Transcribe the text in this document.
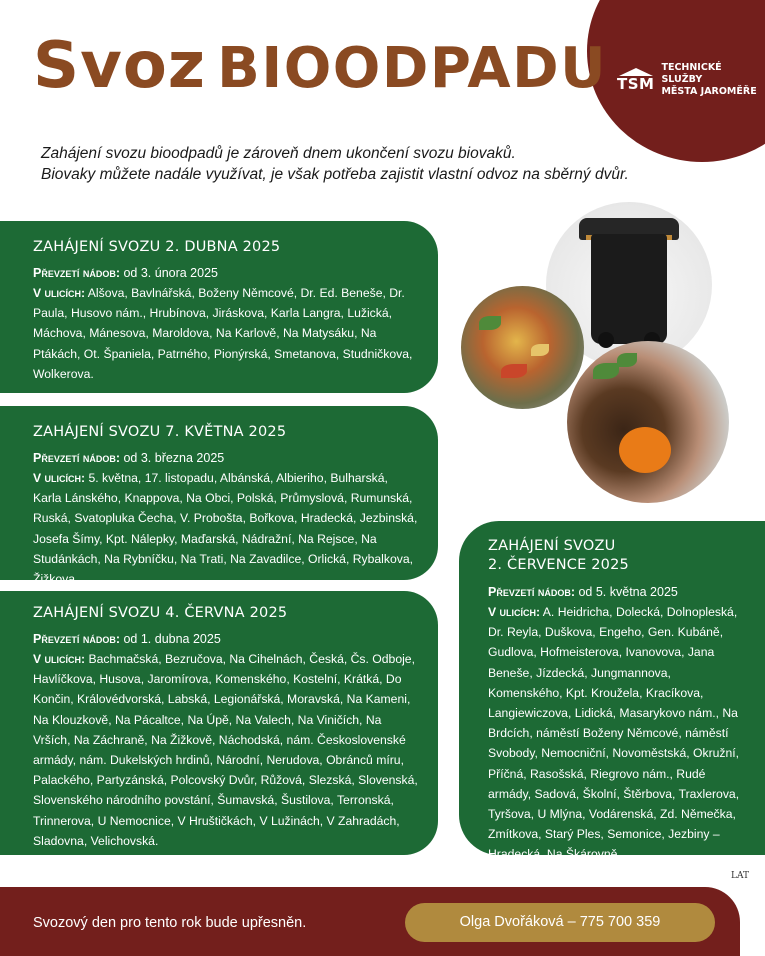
TSM
TECHNICKÉ SLUŽBY
MĚSTA JAROMĚŘE
Svoz BIOODPADU
Zahájení svozu bioodpadů je zároveň dnem ukončení svozu biovaků.
Biovaky můžete nadále využívat, je však potřeba zajistit vlastní odvoz na sběrný dvůr.
ZAHÁJENÍ SVOZU 2. DUBNA 2025
Převzetí nádob: od 3. února 2025
V ulicích: Alšova, Bavlnářská, Boženy Němcové, Dr. Ed. Beneše, Dr. Paula, Husovo nám., Hrubínova, Jiráskova, Karla Langra, Lužická, Máchova, Mánesova, Maroldova, Na Karlově, Na Matysáku, Na Ptákách, Ot. Španiela, Patrného, Pionýrská, Smetanova, Studničkova, Wolkerova.
ZAHÁJENÍ SVOZU 7. KVĚTNA 2025
Převzetí nádob: od 3. března 2025
V ulicích: 5. května, 17. listopadu, Albánská, Albieriho, Bulharská, Karla Lánského, Knappova, Na Obci, Polská, Průmyslová, Rumunská, Ruská, Svatopluka Čecha, V. Proboštа, Bořkova, Hradecká, Jezbinská, Josefa Šímy, Kpt. Nálepky, Maďarská, Nádražní, Na Rejsce, Na Studánkách, Na Rybníčku, Na Trati, Na Zavadilce, Orlická, Rybalkova, Žižkova.
ZAHÁJENÍ SVOZU 4. ČERVNA 2025
Převzetí nádob: od 1. dubna 2025
V ulicích: Bachmačská, Bezručova, Na Cihelnách, Česká, Čs. Odboje, Havlíčkova, Husova, Jaromírova, Komenského, Kostelní, Krátká, Do Končin, Královédvorská, Labská, Legionářská, Moravská, Na Kameni, Na Klouzkově, Na Pácaltce, Na Úpě, Na Valech, Na Viničích, Na Vrších, Na Záchraně, Na Žižkově, Náchodská, nám. Československé armády, nám. Dukelských hrdinů, Národní, Nerudova, Obránců míru, Palackého, Partyzánská, Polcovský Dvůr, Růžová, Slezská, Slovenská, Slovenského národního povstání, Šumavská, Šustilova, Terronská, Trinnerova, U Nemocnice, V Hruštičkách, V Lužinách, V Zahradách, Sladovna, Velichovská.
ZAHÁJENÍ SVOZU
2. ČERVENCE 2025
Převzetí nádob: od 5. května 2025
V ulicích: A. Heidricha, Dolecká, Dolnopleská, Dr. Reyla, Duškova, Engeho, Gen. Kubáně, Gudlova, Hofmeisterova, Ivanovova, Jana Beneše, Jízdecká, Jungmannova, Komenského, Kpt. Kroužela, Kracíkova, Langiewiczova, Lidická, Masarykovo nám., Na Brdcích, náměstí Boženy Němcové, náměstí Svobody, Nemocniční, Novoměstská, Okružní, Příčná, Rasošská, Riegrovo nám., Rudé armády, Sadová, Školní, Štěrbova, Traxlerova, Tyršova, U Mlýna, Vodárenská, Zd. Němečka, Zmítkova, Starý Ples, Semonice, Jezbiny – Hradecká, Na Škárovně.
LAT
Svozový den pro tento rok bude upřesněn.	Olga Dvořáková – 775 700 359
